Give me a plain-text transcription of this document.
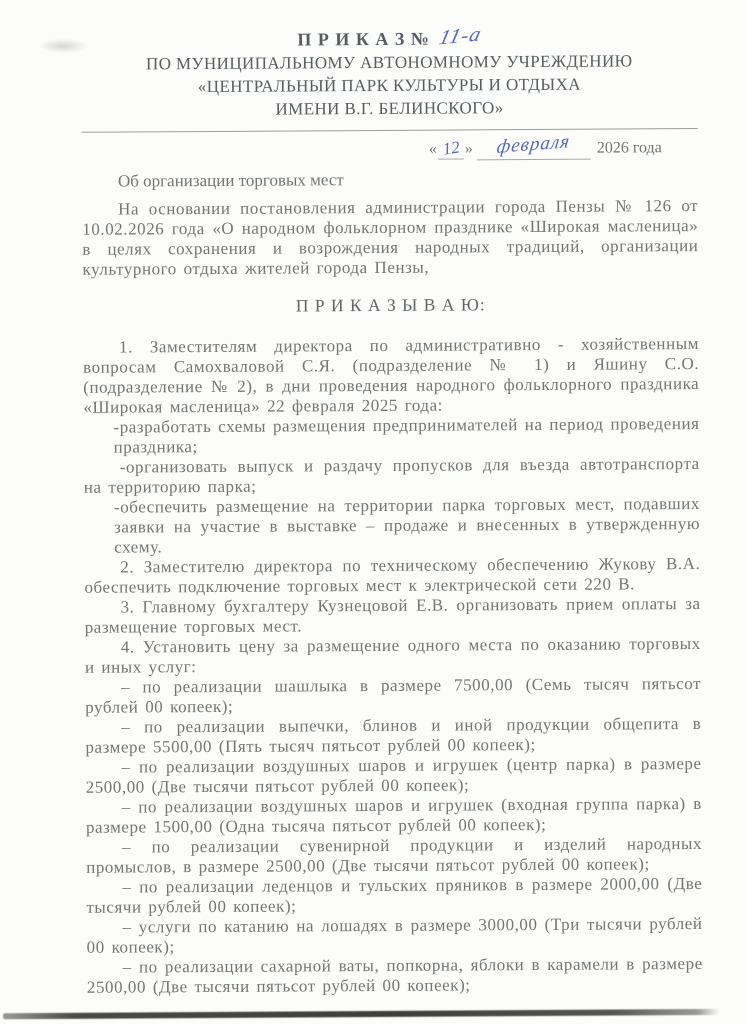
П Р И К А З № 11-а
ПО МУНИЦИПАЛЬНОМУ АВТОНОМНОМУ УЧРЕЖДЕНИЮ
«ЦЕНТРАЛЬНЫЙ ПАРК КУЛЬТУРЫ И ОТДЫХА
ИМЕНИ В.Г. БЕЛИНСКОГО»
« 12 » февраля 2026 года
Об организации торговых мест

На основании постановления администрации города Пензы № 126 от 10.02.2026 года «О народном фольклорном празднике «Широкая масленица» в целях сохранения и возрождения народных традиций, организации культурного отдыха жителей города Пензы,

П Р И К А З Ы В А Ю:

1. Заместителям директора по административно - хозяйственным вопросам Самохваловой С.Я. (подразделение № 1) и Яшину С.О. (подразделение № 2), в дни проведения народного фольклорного праздника «Широкая масленица» 22 февраля 2025 года:

-разработать схемы размещения предпринимателей на период проведения праздника;

-организовать выпуск и раздачу пропусков для въезда автотранспорта на территорию парка;

-обеспечить размещение на территории парка торговых мест, подавших заявки на участие в выставке – продаже и внесенных в утвержденную схему.

2. Заместителю директора по техническому обеспечению Жукову В.А. обеспечить подключение торговых мест к электрической сети 220 В.

3. Главному бухгалтеру Кузнецовой Е.В. организовать прием оплаты за размещение торговых мест.

4. Установить цену за размещение одного места по оказанию торговых и иных услуг:

– по реализации шашлыка в размере 7500,00 (Семь тысяч пятьсот рублей 00 копеек);

– по реализации выпечки, блинов и иной продукции общепита в размере 5500,00 (Пять тысяч пятьсот рублей 00 копеек);

– по реализации воздушных шаров и игрушек (центр парка) в размере 2500,00 (Две тысячи пятьсот рублей 00 копеек);

– по реализации воздушных шаров и игрушек (входная группа парка) в размере 1500,00 (Одна тысяча пятьсот рублей 00 копеек);

– по реализации сувенирной продукции и изделий народных промыслов, в размере 2500,00 (Две тысячи пятьсот рублей 00 копеек);

– по реализации леденцов и тульских пряников в размере 2000,00 (Две тысячи рублей 00 копеек);

– услуги по катанию на лошадях в размере 3000,00 (Три тысячи рублей 00 копеек);

– по реализации сахарной ваты, попкорна, яблоки в карамели в размере 2500,00 (Две тысячи пятьсот рублей 00 копеек);
